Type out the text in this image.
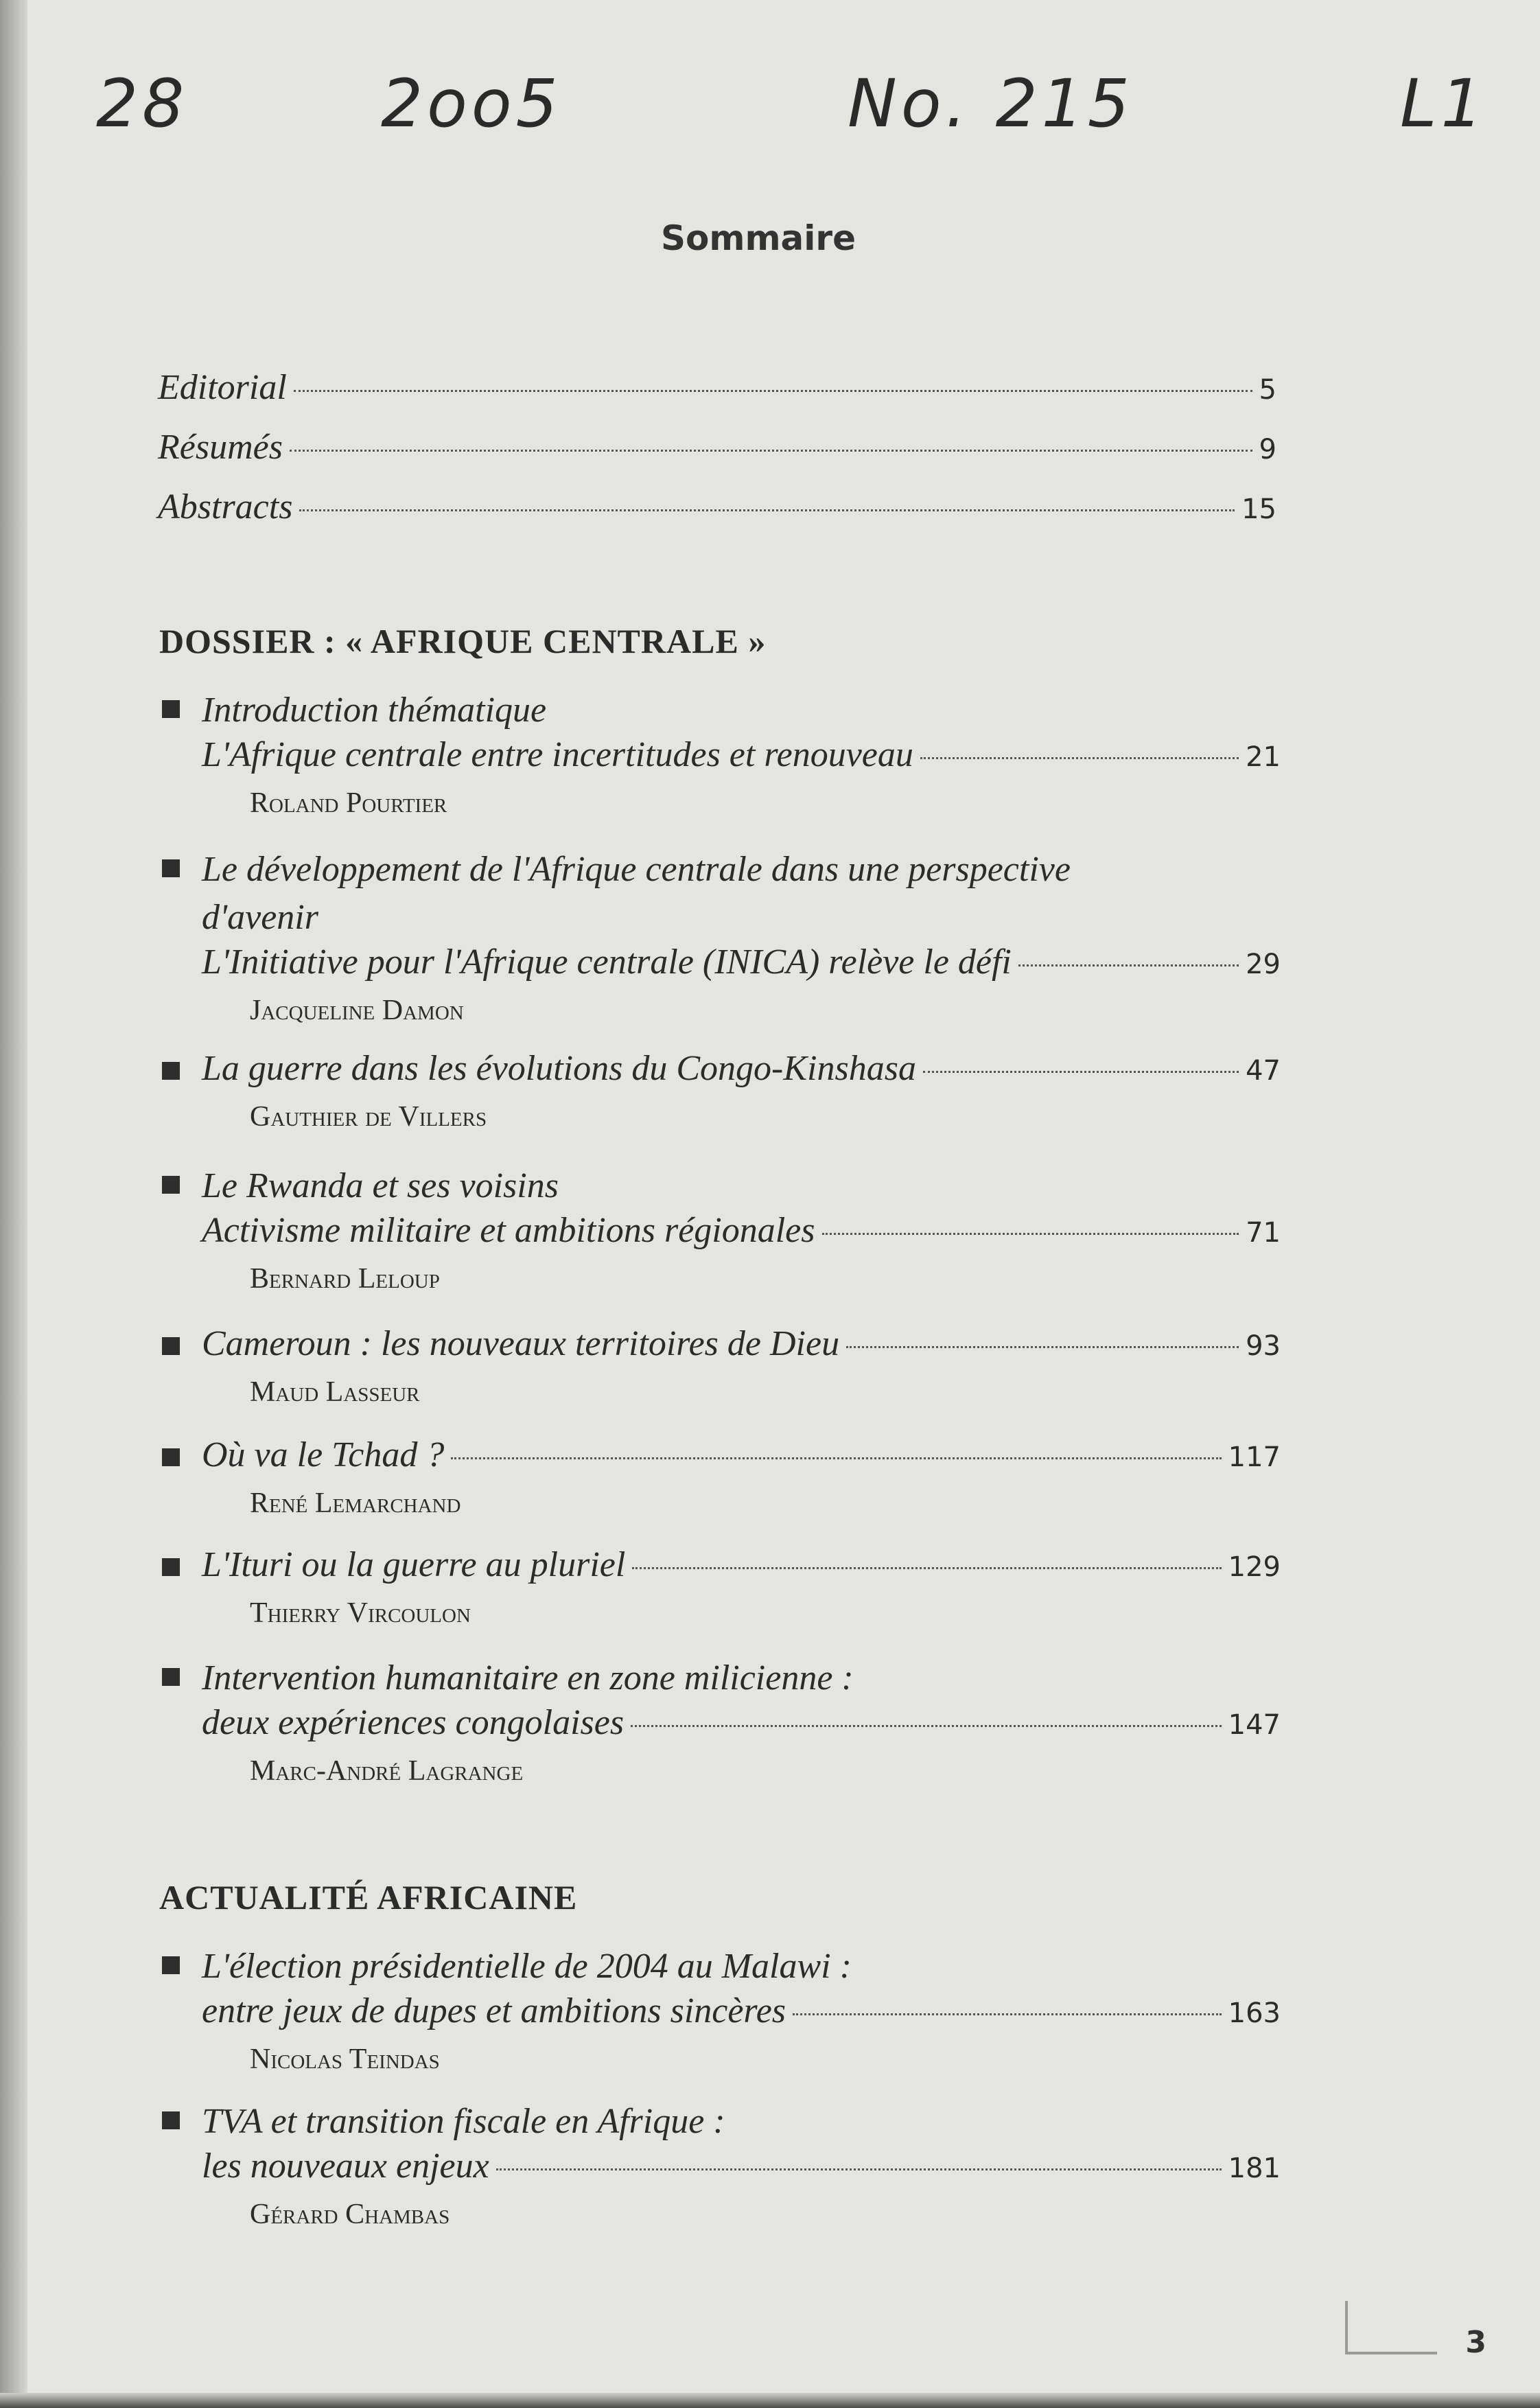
28	2oo5	No. 215	L1
Sommaire
Editorial	5
Résumés	9
Abstracts	15
DOSSIER : « AFRIQUE CENTRALE »
Introduction thématique
L'Afrique centrale entre incertitudes et renouveau	21
Roland Pourtier
Le développement de l'Afrique centrale dans une perspective
d'avenir
L'Initiative pour l'Afrique centrale (INICA) relève le défi	29
Jacqueline Damon
La guerre dans les évolutions du Congo-Kinshasa	47
Gauthier de Villers
Le Rwanda et ses voisins
Activisme militaire et ambitions régionales	71
Bernard Leloup
Cameroun : les nouveaux territoires de Dieu	93
Maud Lasseur
Où va le Tchad ?	117
René Lemarchand
L'Ituri ou la guerre au pluriel	129
Thierry Vircoulon
Intervention humanitaire en zone milicienne :
deux expériences congolaises	147
Marc-André Lagrange
ACTUALITÉ AFRICAINE
L'élection présidentielle de 2004 au Malawi :
entre jeux de dupes et ambitions sincères	163
Nicolas Teindas
TVA et transition fiscale en Afrique :
les nouveaux enjeux	181
Gérard Chambas
3
